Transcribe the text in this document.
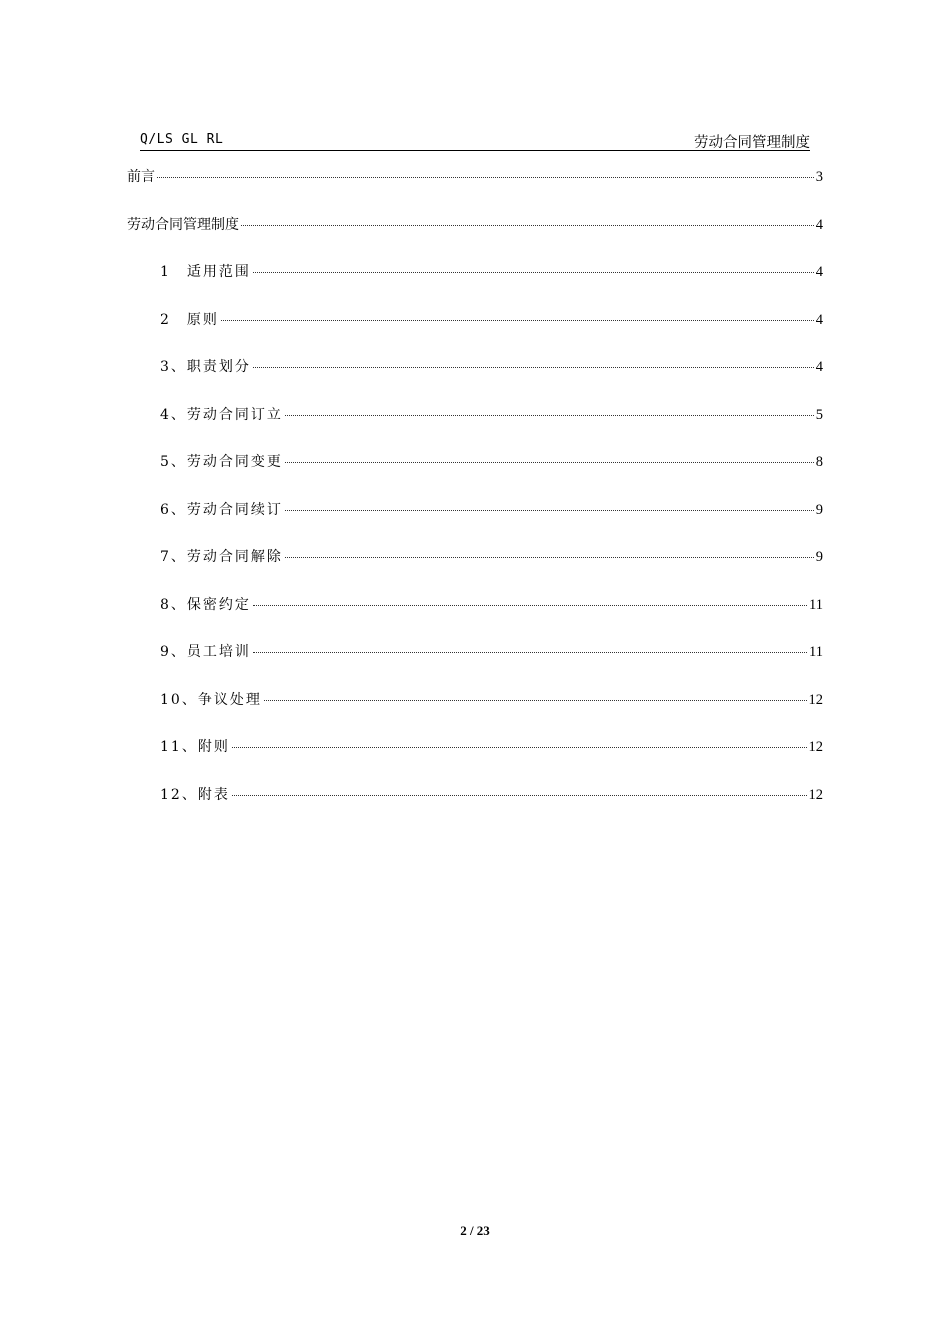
Q/LS GL RL	劳动合同管理制度
前言	3
劳动合同管理制度	4
1　适用范围	4
2　原则	4
3、职责划分	4
4、劳动合同订立	5
5、劳动合同变更	8
6、劳动合同续订	9
7、劳动合同解除	9
8、保密约定	11
9、员工培训	11
10、争议处理	12
11、附则	12
12、附表	12
2 / 23
